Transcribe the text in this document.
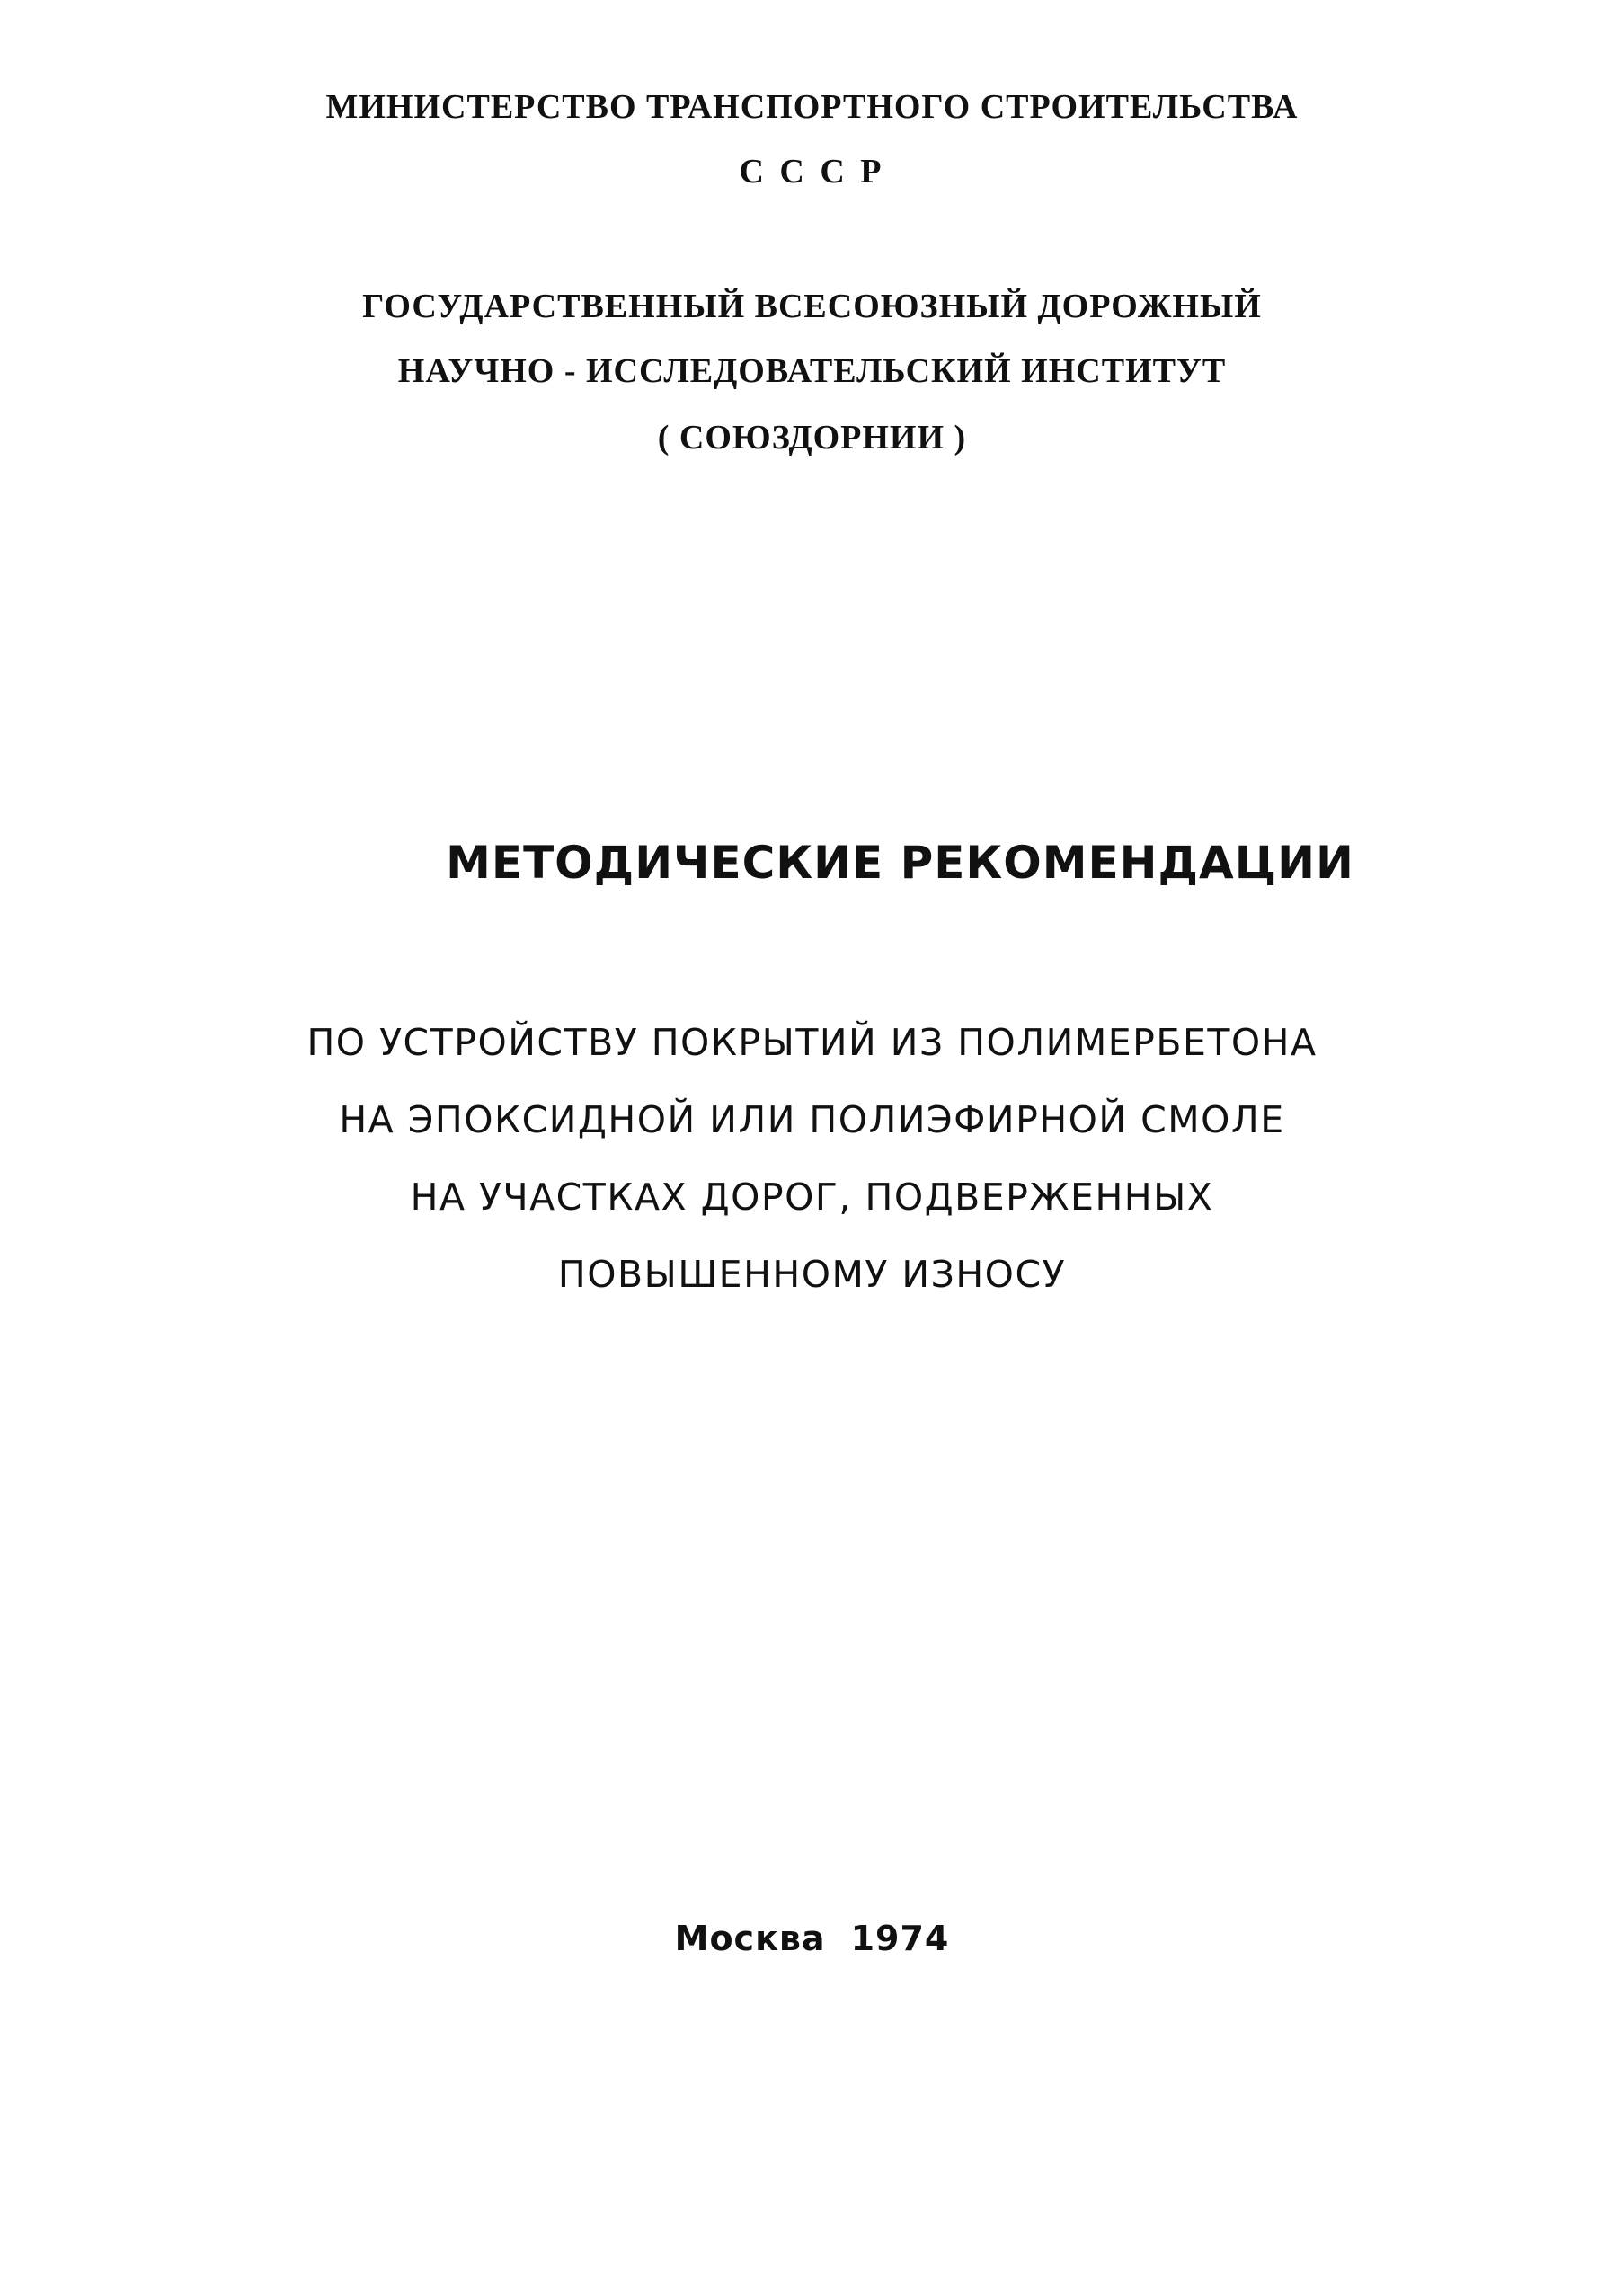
МИНИСТЕРСТВО ТРАНСПОРТНОГО СТРОИТЕЛЬСТВА
С С С Р
ГОСУДАРСТВЕННЫЙ ВСЕСОЮЗНЫЙ ДОРОЖНЫЙ
НАУЧНО - ИССЛЕДОВАТЕЛЬСКИЙ ИНСТИТУТ
( СОЮЗДОРНИИ )
МЕТОДИЧЕСКИЕ РЕКОМЕНДАЦИИ
ПО УСТРОЙСТВУ ПОКРЫТИЙ ИЗ ПОЛИМЕРБЕТОНА
НА ЭПОКСИДНОЙ ИЛИ ПОЛИЭФИРНОЙ СМОЛЕ
НА УЧАСТКАХ ДОРОГ, ПОДВЕРЖЕННЫХ
ПОВЫШЕННОМУ ИЗНОСУ
Москва 1974
